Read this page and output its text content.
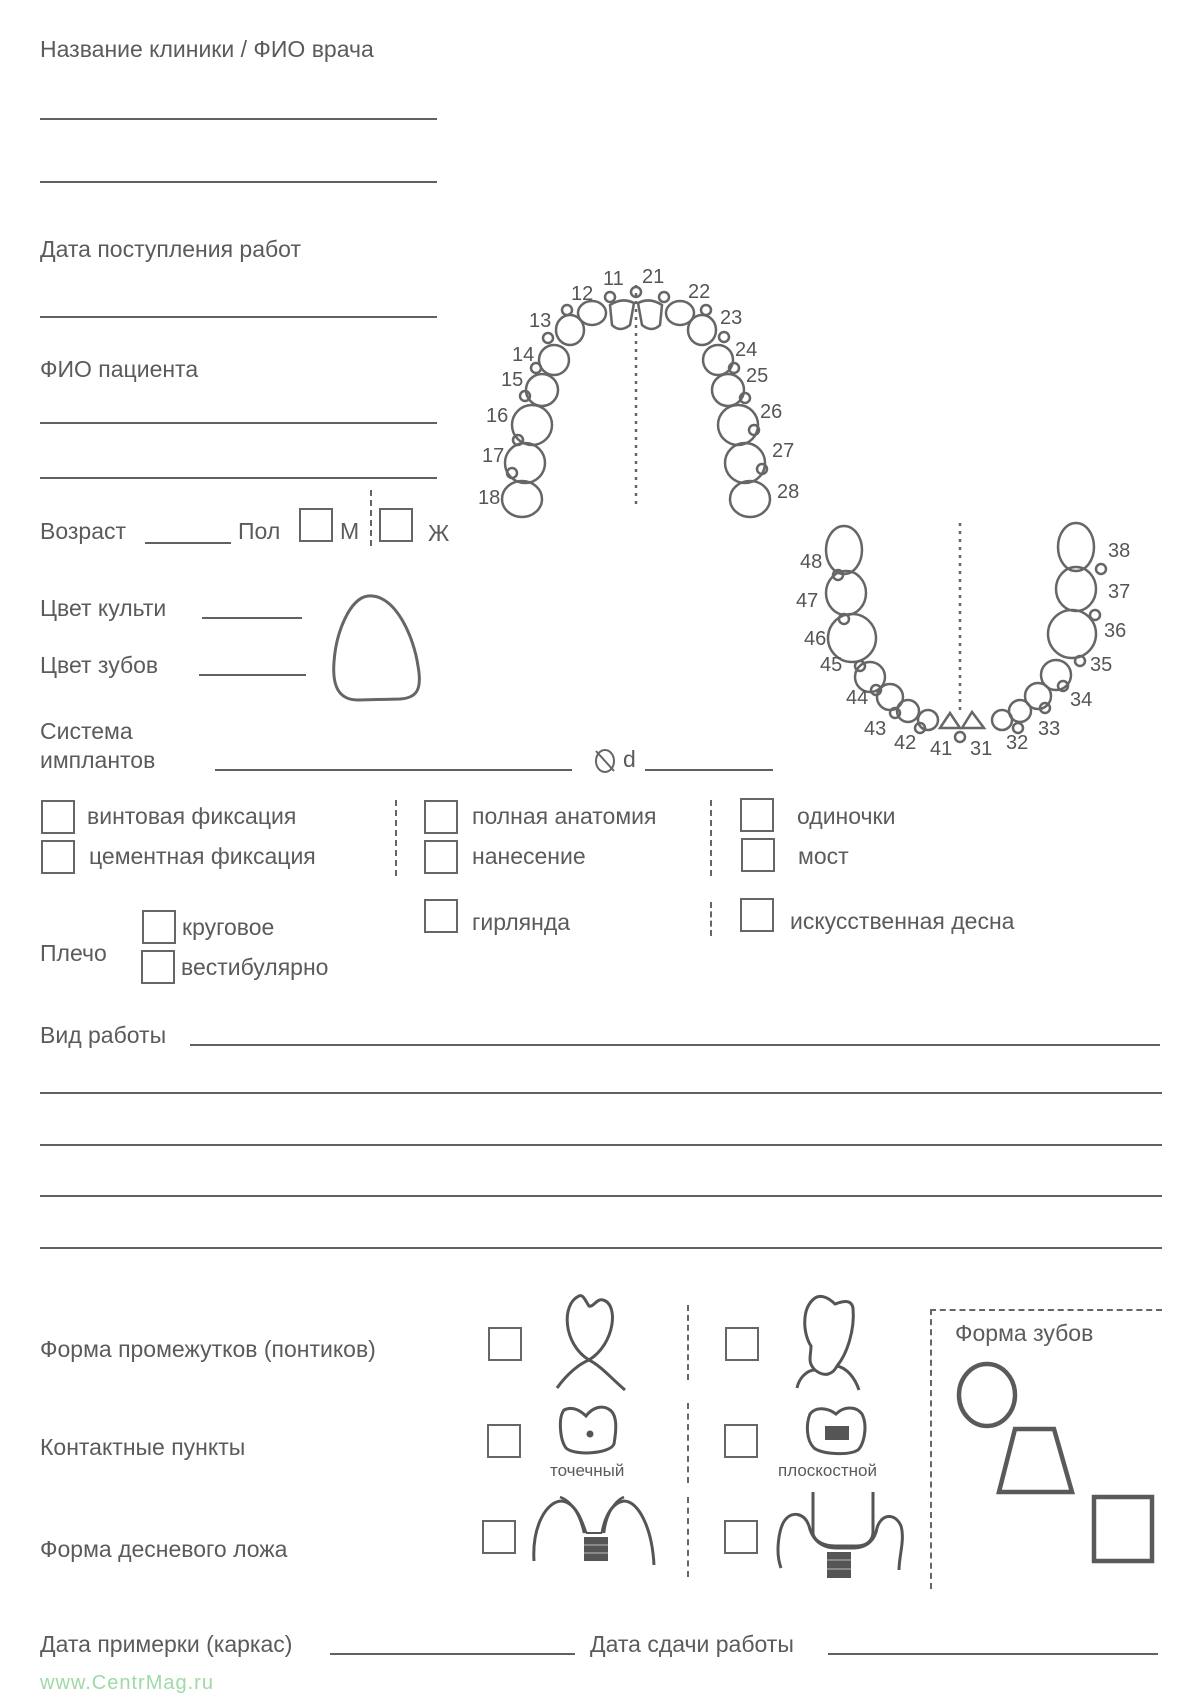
Название клиники / ФИО врача
Дата поступления работ
ФИО пациента
Возраст	Пол	М	Ж
Цвет культи
Цвет зубов
Система
имплантов	d
винтовая фиксация
цементная фиксация
полная анатомия
нанесение
одиночки
мост
гирлянда	искусственная десна
Плечо
круговое
вестибулярно
Вид работы
11
12
13
14
15
16
17
18
21
22
23
24
25
26
27
28
41
42
43
44
45
46
47
48
31 32
33
34
35
36
37
38
Форма промежутков (понтиков)
Контактные пункты
Форма десневого ложа
точечный	плоскостной
www.CentrMag.ru
Форма зубов
Дата примерки (каркас)	Дата сдачи работы
